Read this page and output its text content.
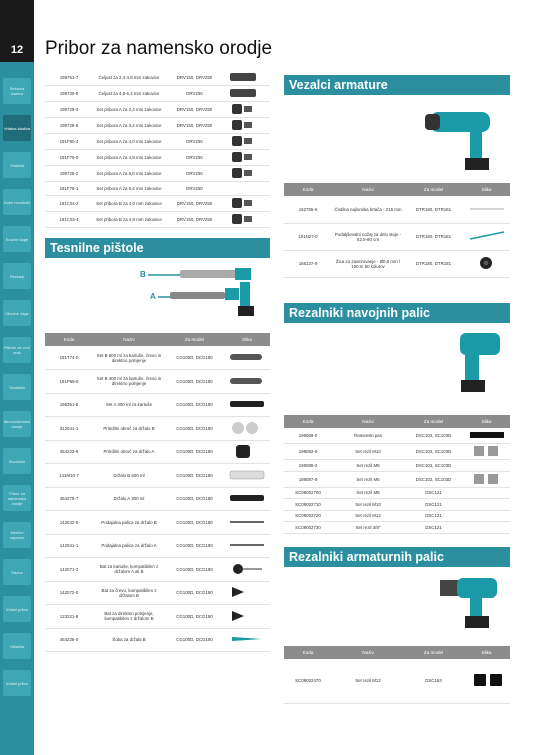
12
Sekalna kladiva
Vrtalna kladiva
Vrtalniki
Kotni brusilniki
Krožne žage
Rezkarji
Vbodne žage
Pištole za vroč zrak
Sesalniki
Akumulatorsko orodje
Brusilniki
Pribor za namensko orodje
Merilne naprave
Razno
Vrtalni pribor
Oblačila
Vrtalni pribor
Pribor za namensko orodje
199751-7	Čeljust za 2,4-4,8 mm zakovice	DRV150, DRV250	
199730-9	Čeljust za 4,8-6,4 mm zakovice	DRV250	
199729-4	Set pribora A za 2,4 mm zakovice	DRV150, DRV250	
199728-6	Set pribora A za 3,2 mm zakovice	DRV150, DRV250	
191F80-4	Set pribora A za 4,0 mm zakovice	DRV250	
191F79-9	Set pribora A za 4,8 mm zakovice	DRV250	
199725-2	Set pribora A za 6,0 mm zakovice	DRV250	
191F78-1	Set pribora A za 6,4 mm zakovice	DRV250	
191C04-2	Set pribora B za 4,0 mm zakovice	DRV150, DRV250	
191C03-4	Set pribora B za 4,8 mm zakovice	DRV150, DRV250	
Tesnilne pištole
B
A
Koda	Naziv	Za model	Slika
191T74-0	Set B 600 ml za kartuše, črevo in direktno polnjenje	CG100D, DCG180	
191P69-6	Set B 400 ml za kartuše, črevo in direktno polnjenje	CG100D, DCG180	
196351-8	Set A 300 ml za kartuše	CG100D, DCG180	
312041-1	Pritrdilni obroč za držalo B	CG100D, DCG180	
454223-6	Pritrdilni obroč za držalo A	CG100D, DCG180	
141M10-7	Držalo B 600 ml	CG100D, DCG180	
454275-7	Držalo A 300 ml	CG100D, DCG180	
142042-9	Podajalna palica za držalo B	CG100D, DCG180	
142041-1	Podajalna palica za držalo A	CG100D, DCG180	
142071-2	Bat za kartuše, kompatibilen z držalom A ali B	CG100D, DCG180	
142072-0	Bat za črevo, kompatibilen z držalom B	CG100D, DCG180	
123221-8	Bat za direktno polnjenje, kompatibilen z držalom B	CG100D, DCG180	
454226-0	Šoba za držala B	CG100D, DCG180	
Vezalci armature
Koda	Naziv	Za model	Slika
162755-6	Čistilna najlonska krtača - 215 mm	DTR180, DTR181	
191N27-0	Podaljševalni nožaj za delo stoje - 62,5-80 cm	DTR180, DTR181	
166137-9	Žica za zavezovanje - Ø0,8 mm / 100 m 50 kolutov	DTR180, DTR181	
Rezalniki navojnih palic
Koda	Naziv	Za model	Slika
199069-0	Ramenski pas	DSC102, SC103D	
199082-6	Set rezil M10	DSC102, SC103D	
199085-2	Set rezil M8	DSC102, SC103D	
199087-8	Set rezil M6	DSC102, SC103D	
SC09002700	Set rezil M8	DSC121	
SC09002710	Set rezil M10	DSC121	
SC09002720	Set rezil M12	DSC121	
SC09002730	Set rezil 3/8"	DSC121	
Rezalniki armaturnih palic
Koda	Naziv	Za model	Slika
SC09002470	Set rezil M12	DSC163	
